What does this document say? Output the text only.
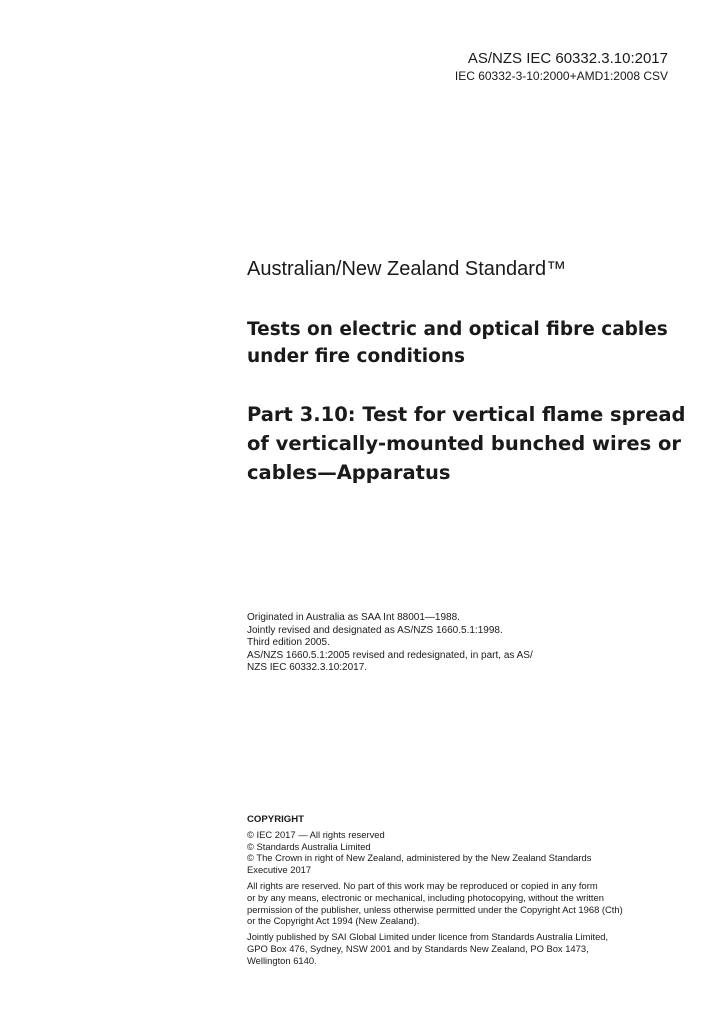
AS/NZS IEC 60332.3.10:2017
IEC 60332-3-10:2000+AMD1:2008 CSV
Australian/New Zealand Standard™
Tests on electric and optical fibre cables
under fire conditions
Part 3.10: Test for vertical flame spread
of vertically-mounted bunched wires or
cables—Apparatus
Originated in Australia as SAA Int 88001—1988.
Jointly revised and designated as AS/NZS 1660.5.1:1998.
Third edition 2005.
AS/NZS 1660.5.1:2005 revised and redesignated, in part, as AS/
NZS IEC 60332.3.10:2017.
COPYRIGHT
© IEC 2017 — All rights reserved
© Standards Australia Limited
© The Crown in right of New Zealand, administered by the New Zealand Standards
Executive 2017
All rights are reserved. No part of this work may be reproduced or copied in any form
or by any means, electronic or mechanical, including photocopying, without the written
permission of the publisher, unless otherwise permitted under the Copyright Act 1968 (Cth)
or the Copyright Act 1994 (New Zealand).
Jointly published by SAI Global Limited under licence from Standards Australia Limited,
GPO Box 476, Sydney, NSW 2001 and by Standards New Zealand, PO Box 1473,
Wellington 6140.
